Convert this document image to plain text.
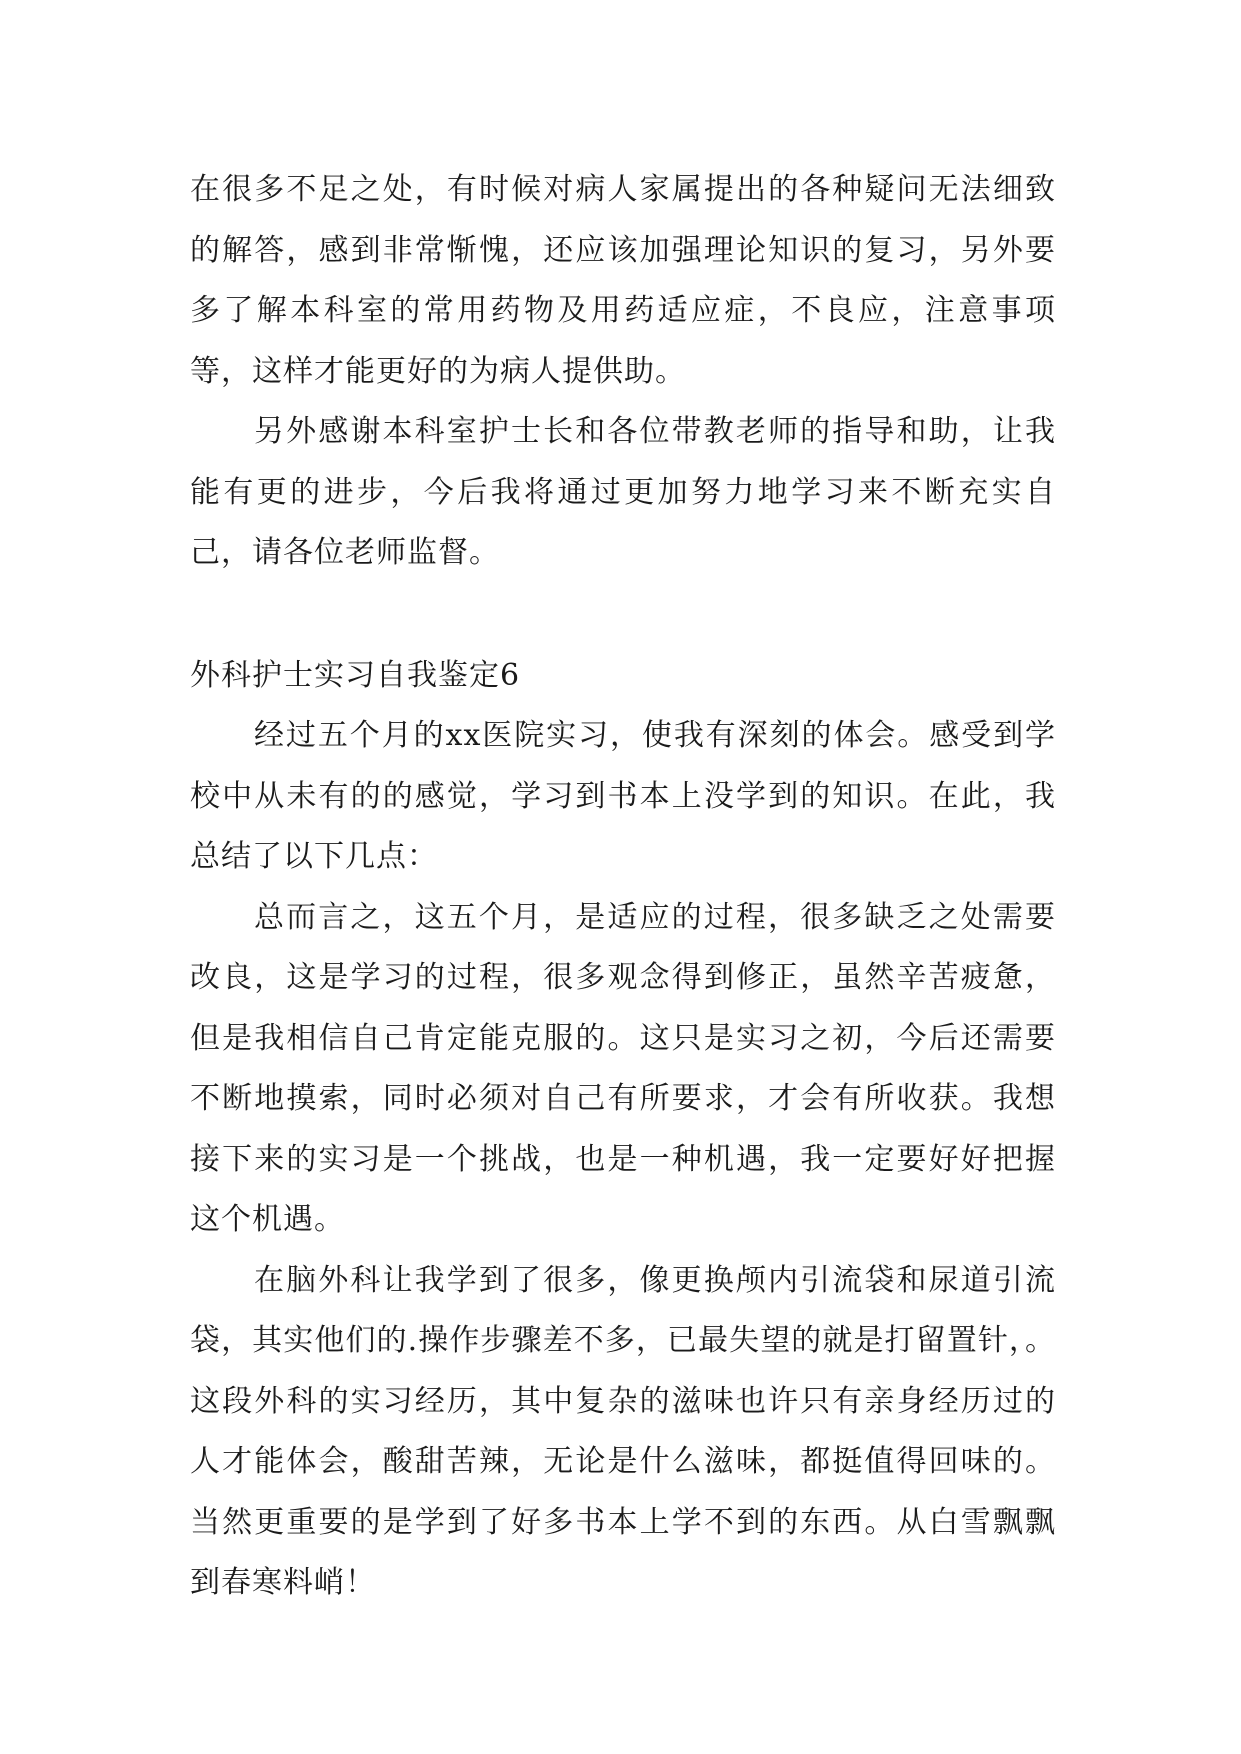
在很多不足之处，有时候对病人家属提出的各种疑问无法细致的解答，感到非常惭愧，还应该加强理论知识的复习，另外要多了解本科室的常用药物及用药适应症，不良应，注意事项等，这样才能更好的为病人提供助。

另外感谢本科室护士长和各位带教老师的指导和助，让我能有更的进步，今后我将通过更加努力地学习来不断充实自己，请各位老师监督。

外科护士实习自我鉴定6

经过五个月的xx医院实习，使我有深刻的体会。感受到学校中从未有的的感觉，学习到书本上没学到的知识。在此，我总结了以下几点：

总而言之，这五个月，是适应的过程，很多缺乏之处需要改良，这是学习的过程，很多观念得到修正，虽然辛苦疲惫，但是我相信自己肯定能克服的。这只是实习之初，今后还需要不断地摸索，同时必须对自己有所要求，才会有所收获。我想接下来的实习是一个挑战，也是一种机遇，我一定要好好把握这个机遇。

在脑外科让我学到了很多，像更换颅内引流袋和尿道引流袋，其实他们的.操作步骤差不多，已最失望的就是打留置针，。这段外科的实习经历，其中复杂的滋味也许只有亲身经历过的人才能体会，酸甜苦辣，无论是什么滋味，都挺值得回味的。当然更重要的是学到了好多书本上学不到的东西。从白雪飘飘到春寒料峭！
